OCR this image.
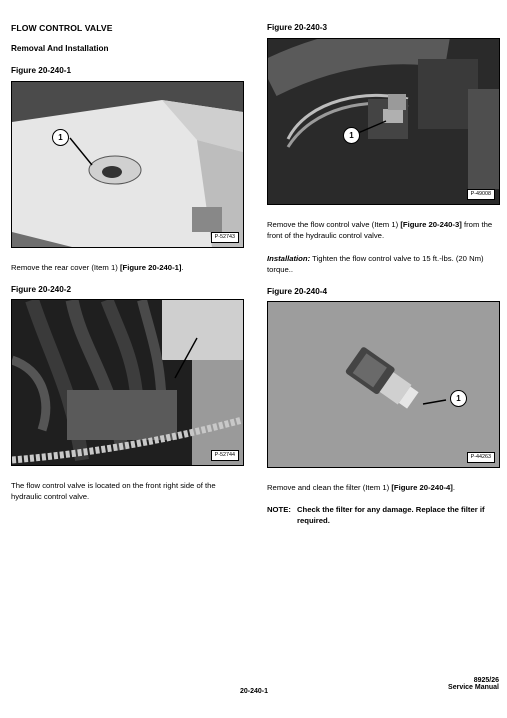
FLOW CONTROL VALVE
Removal And Installation
Figure 20-240-1
1
P-52743
Remove the rear cover (Item 1) [Figure 20-240-1].
Figure 20-240-2
P-52744
The flow control valve is located on the front right side of the hydraulic control valve.
Figure 20-240-3
1
P-49008
Remove the flow control valve (Item 1) [Figure 20-240-3] from the front of the hydraulic control valve.
Installation: Tighten the flow control valve to 15 ft.-lbs. (20 Nm) torque..
Figure 20-240-4
1
P-44263
Remove and clean the filter (Item 1) [Figure 20-240-4].
NOTE: Check the filter for any damage. Replace the filter if required.
20-240-1
8925/26
Service Manual
